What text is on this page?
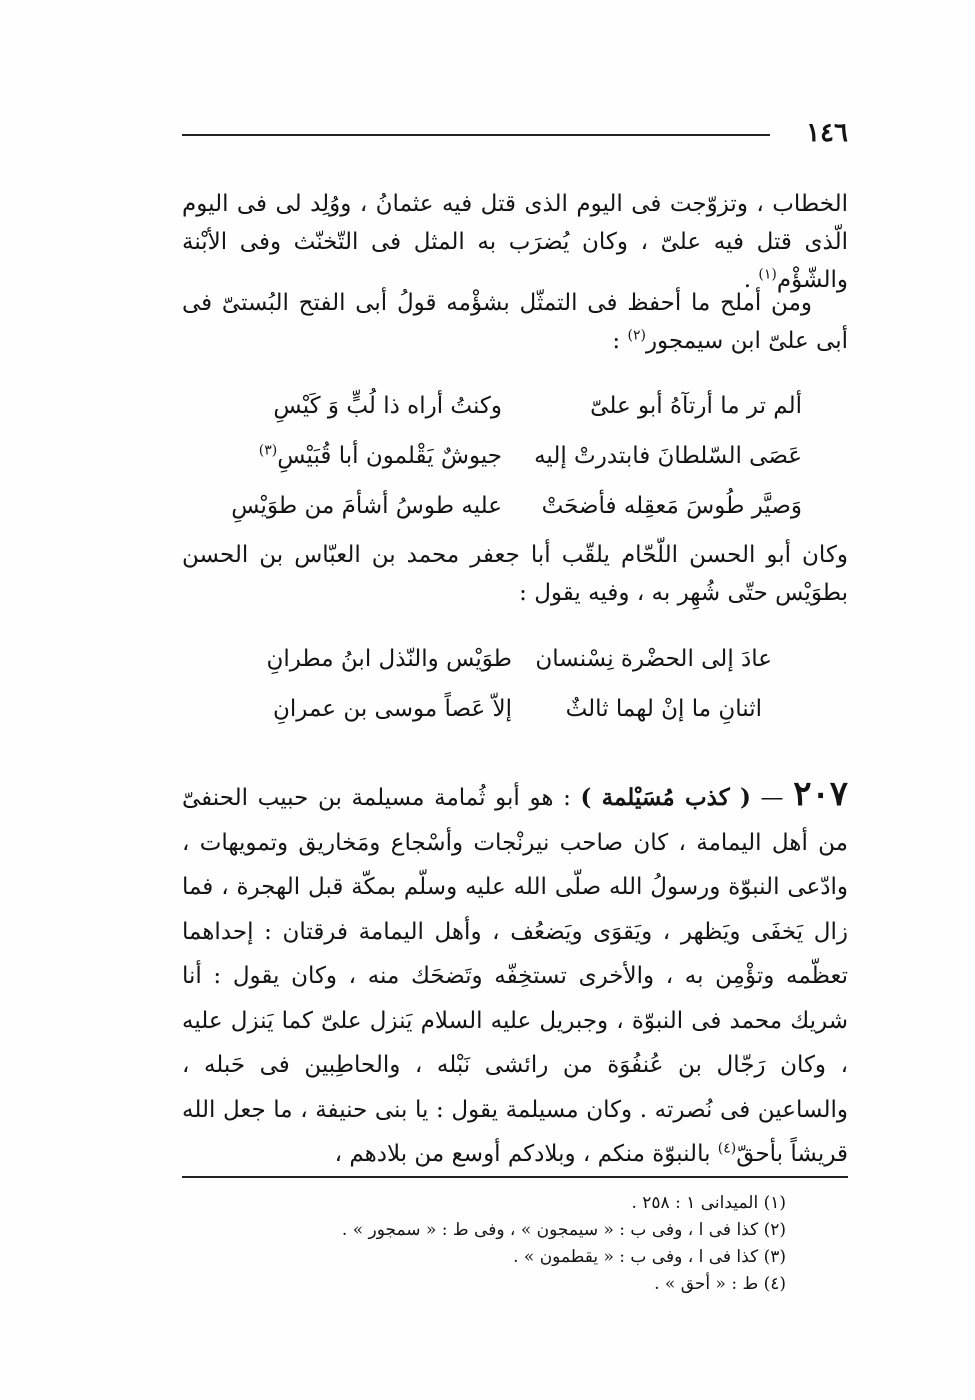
١٤٦

الخطاب ، وتزوّجت فى اليوم الذى قتل فيه عثمانُ ، ووُلِد لى فى اليوم الّذى قتل فيه علىّ ، وكان يُضرَب به المثل فى التّخنّث وفى الأبْنة والشّؤْم$^{(١)}$ .

ومن أملح ما أحفظ فى التمثّل بشؤْمه قولُ أبى الفتح البُستىّ فى أبى علىّ ابن سيمجور$^{(٢)}$ :

ألم تر ما أرتآهُ أبو علىّ
وكنتُ أراه ذا لُبٍّ وَ كَيْسِ
عَصَى السّلطانَ فابتدرتْ إليه
جيوشٌ يَقْلمون أبا قُبَيْسِ$^{(٣)}$
وَصيَّر طُوسَ مَعقِله فأضحَتْ
عليه طوسُ أشأمَ من طوَيْسِ

وكان أبو الحسن اللّحّام يلقّب أبا جعفر محمد بن العبّاس بن الحسن بطوَيْس حتّى شُهِر به ، وفيه يقول :

عادَ إلى الحضْرة نِسْنسان
طوَيْس والنّذل ابنُ مطرانِ
اثنانِ ما إنْ لهما ثالثٌ
إلاّ عَصاً موسى بن عمرانِ

٢٠٧ — ( كذب مُسَيْلمة ) : هو أبو ثُمامة مسيلمة بن حبيب الحنفىّ من أهل اليمامة ، كان صاحب نيرنْجات وأسْجاع ومَخاريق وتمويهات ، وادّعى النبوّة ورسولُ الله صلّى الله عليه وسلّم بمكّة قبل الهجرة ، فما زال يَخفَى ويَظهر ، ويَقوَى ويَضعُف ، وأهل اليمامة فرقتان : إحداهما تعظّمه وتؤْمِن به ، والأخرى تستخِفّه وتَضحَك منه ، وكان يقول : أنا شريك محمد فى النبوّة ، وجبريل عليه السلام يَنزل علىّ كما يَنزل عليه ، وكان رَجّال بن عُنفُوَة من رائشى نَبْله ، والحاطِبين فى حَبله ، والساعين فى نُصرته . وكان مسيلمة يقول : يا بنى حنيفة ، ما جعل الله قريشاً بأحقّ$^{(٤)}$ بالنبوّة منكم ، وبلادكم أوسع من بلادهم ،

(١) الميدانى ١ : ٢٥٨ .
(٢) كذا فى ا ، وفى ب : « سيمجون » ، وفى ط : « سمجور » .
(٣) كذا فى ا ، وفى ب : « يقطمون » .
(٤) ط : « أحق » .
